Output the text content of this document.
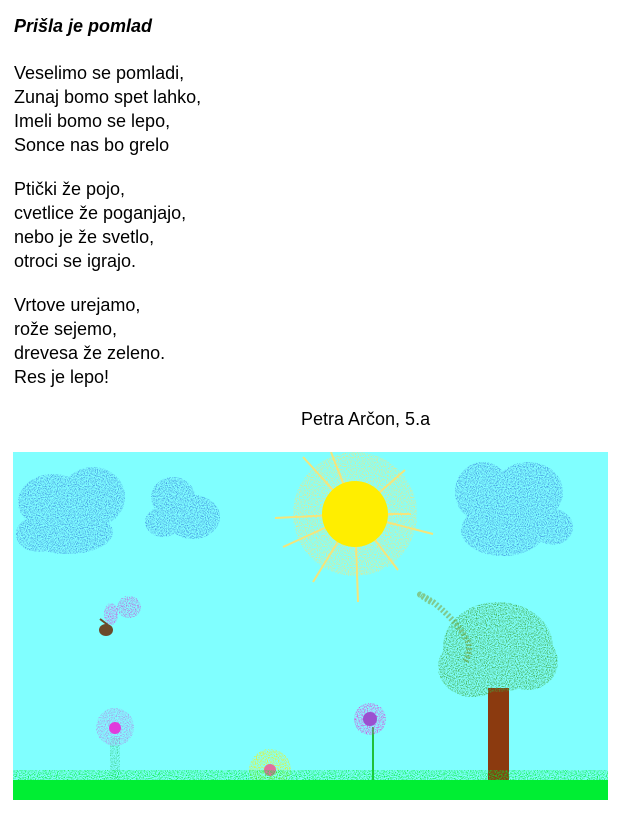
Prišla je pomlad
Veselimo se pomladi,
Zunaj bomo spet lahko,
Imeli bomo se lepo,
Sonce nas bo grelo
Ptički že pojo,
cvetlice že poganjajo,
nebo je že svetlo,
otroci se igrajo.
Vrtove urejamo,
rože sejemo,
drevesa že zeleno.
Res je lepo!
Petra Arčon, 5.a
